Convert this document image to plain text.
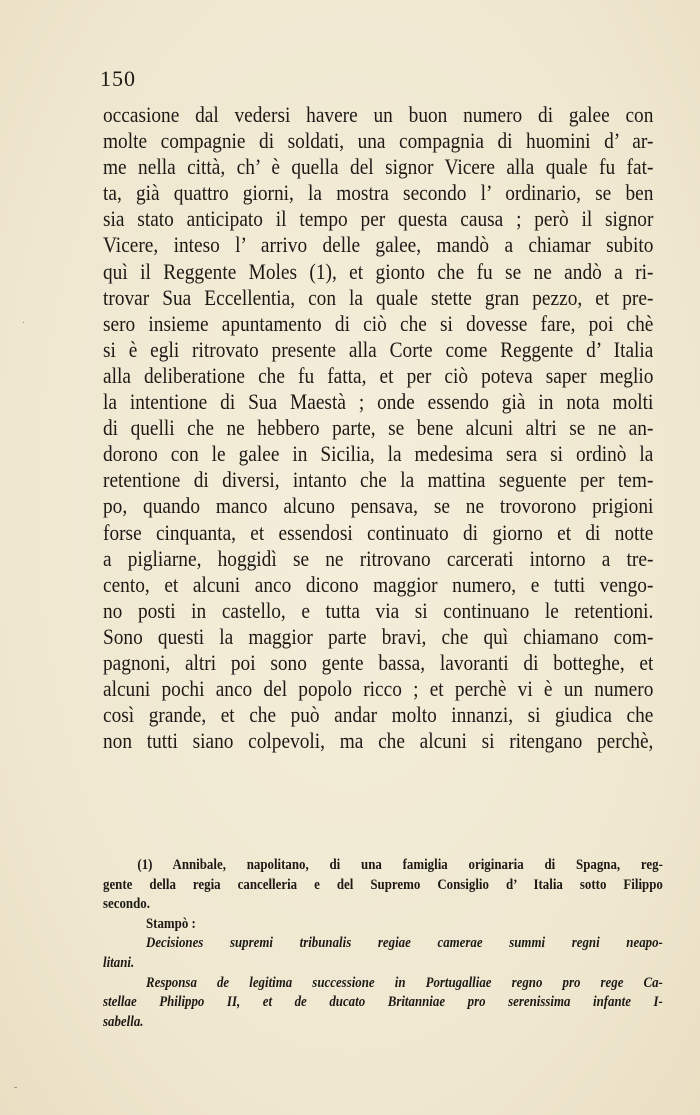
150
occasione dal vedersi havere un buon numero di galee con
molte compagnie di soldati, una compagnia di huomini d’ ar-
me nella città, ch’ è quella del signor Vicere alla quale fu fat-
ta, già quattro giorni, la mostra secondo l’ ordinario, se ben
sia stato anticipato il tempo per questa causa ; però il signor
Vicere, inteso l’ arrivo delle galee, mandò a chiamar subito
quì il Reggente Moles (1), et gionto che fu se ne andò a ri-
trovar Sua Eccellentia, con la quale stette gran pezzo, et pre-
sero insieme apuntamento di ciò che si dovesse fare, poi chè
si è egli ritrovato presente alla Corte come Reggente d’ Italia
alla deliberatione che fu fatta, et per ciò poteva saper meglio
la intentione di Sua Maestà ; onde essendo già in nota molti
di quelli che ne hebbero parte, se bene alcuni altri se ne an-
dorono con le galee in Sicilia, la medesima sera si ordinò la
retentione di diversi, intanto che la mattina seguente per tem-
po, quando manco alcuno pensava, se ne trovorono prigioni
forse cinquanta, et essendosi continuato di giorno et di notte
a pigliarne, hoggidì se ne ritrovano carcerati intorno a tre-
cento, et alcuni anco dicono maggior numero, e tutti vengo-
no posti in castello, e tutta via si continuano le retentioni.
Sono questi la maggior parte bravi, che quì chiamano com-
pagnoni, altri poi sono gente bassa, lavoranti di botteghe, et
alcuni pochi anco del popolo ricco ; et perchè vi è un numero
così grande, et che può andar molto innanzi, si giudica che
non tutti siano colpevoli, ma che alcuni si ritengano perchè,
(1) Annibale, napolitano, di una famiglia originaria di Spagna, reg-
gente della regia cancelleria e del Supremo Consiglio d’ Italia sotto Filippo
secondo.
Stampò :
Decisiones supremi tribunalis regiae camerae summi regni neapo-
litani.
Responsa de legitima successione in Portugalliae regno pro rege Ca-
stellae Philippo II, et de ducato Britanniae pro serenissima infante I-
sabella.
·
-
